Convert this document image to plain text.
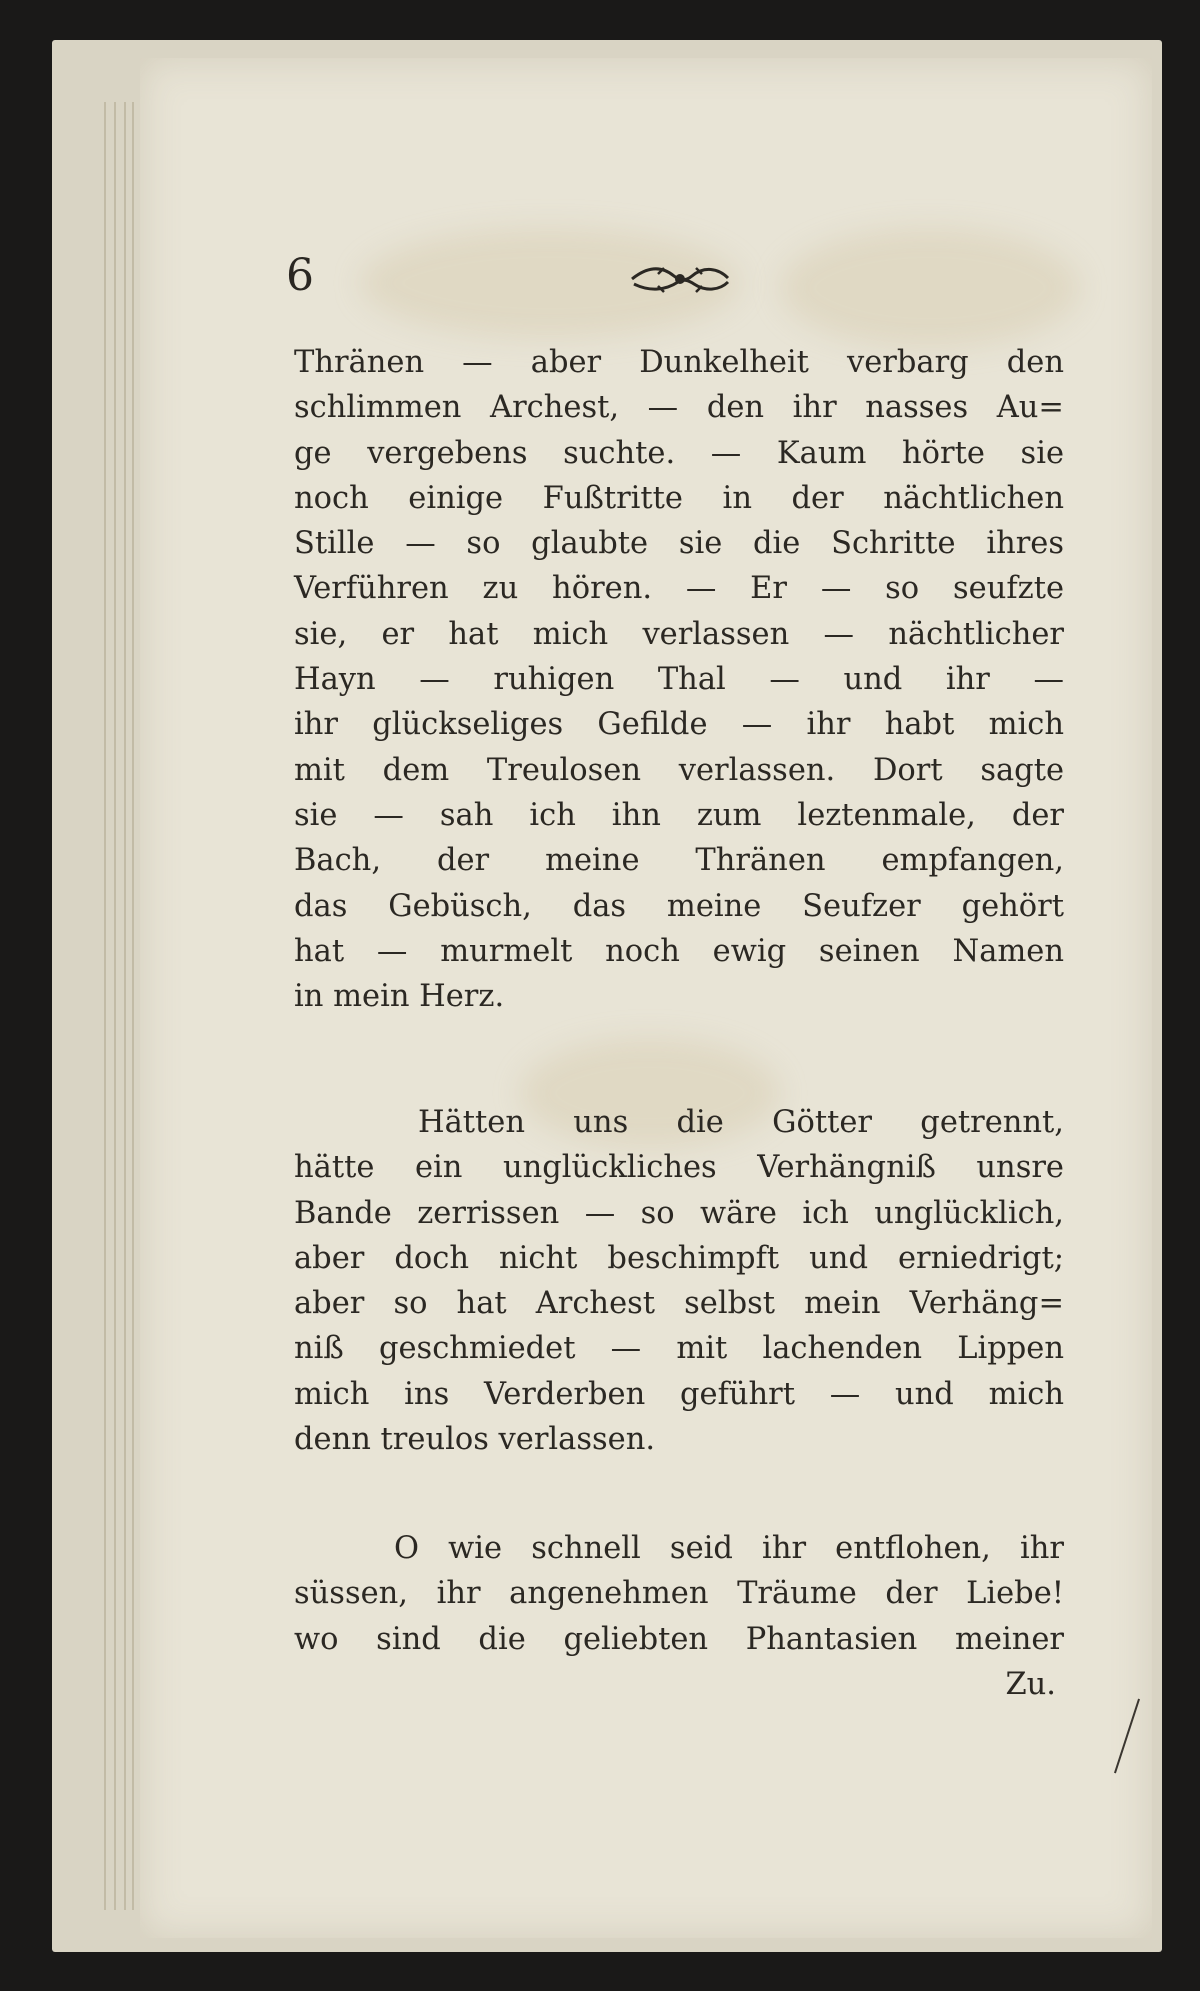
6
Thränen — aber Dunkelheit verbarg den
schlimmen Archest, — den ihr nasses Au=
ge vergebens suchte. — Kaum hörte sie
noch einige Fußtritte in der nächtlichen
Stille — so glaubte sie die Schritte ihres
Verführen zu hören. — Er — so seufzte
sie, er hat mich verlassen — nächtlicher
Hayn — ruhigen Thal — und ihr —
ihr glückseliges Gefilde — ihr habt mich
mit dem Treulosen verlassen. Dort sagte
sie — sah ich ihn zum leztenmale, der
Bach, der meine Thränen empfangen,
das Gebüsch, das meine Seufzer gehört
hat — murmelt noch ewig seinen Namen
in mein Herz.
Hätten uns die Götter getrennt,
hätte ein unglückliches Verhängniß unsre
Bande zerrissen — so wäre ich unglücklich,
aber doch nicht beschimpft und erniedrigt;
aber so hat Archest selbst mein Verhäng=
niß geschmiedet — mit lachenden Lippen
mich ins Verderben geführt — und mich
denn treulos verlassen.
O wie schnell seid ihr entflohen, ihr
süssen, ihr angenehmen Träume der Liebe!
wo sind die geliebten Phantasien meiner
Zu.
